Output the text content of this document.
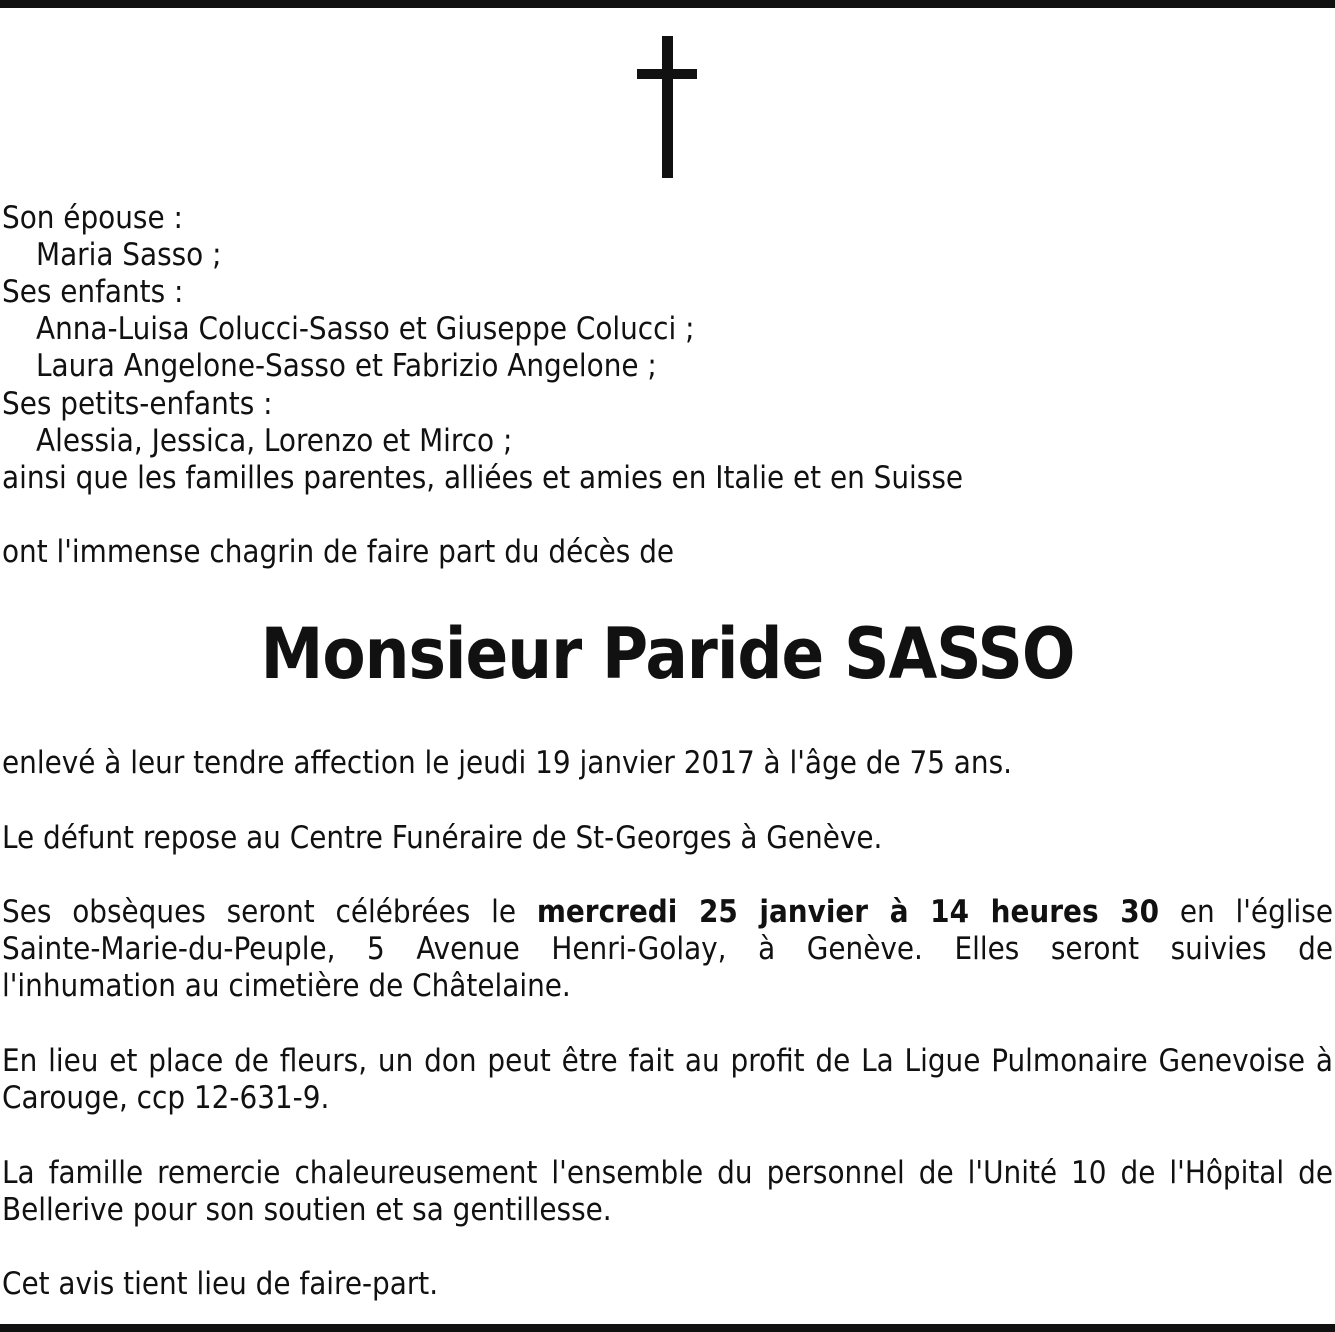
Son épouse :
Maria Sasso ;
Ses enfants :
Anna-Luisa Colucci-Sasso et Giuseppe Colucci ;
Laura Angelone-Sasso et Fabrizio Angelone ;
Ses petits-enfants :
Alessia, Jessica, Lorenzo et Mirco ;
ainsi que les familles parentes, alliées et amies en Italie et en Suisse
ont l'immense chagrin de faire part du décès de
Monsieur Paride SASSO
enlevé à leur tendre affection le jeudi 19 janvier 2017 à l'âge de 75 ans.
Le défunt repose au Centre Funéraire de St-Georges à Genève.
Ses obsèques seront célébrées le mercredi 25 janvier à 14 heures 30 en l'église
Sainte-Marie-du-Peuple, 5 Avenue Henri-Golay, à Genève. Elles seront suivies de
l'inhumation au cimetière de Châtelaine.
En lieu et place de fleurs, un don peut être fait au profit de La Ligue Pulmonaire Genevoise à
Carouge, ccp 12-631-9.
La famille remercie chaleureusement l'ensemble du personnel de l'Unité 10 de l'Hôpital de
Bellerive pour son soutien et sa gentillesse.
Cet avis tient lieu de faire-part.
